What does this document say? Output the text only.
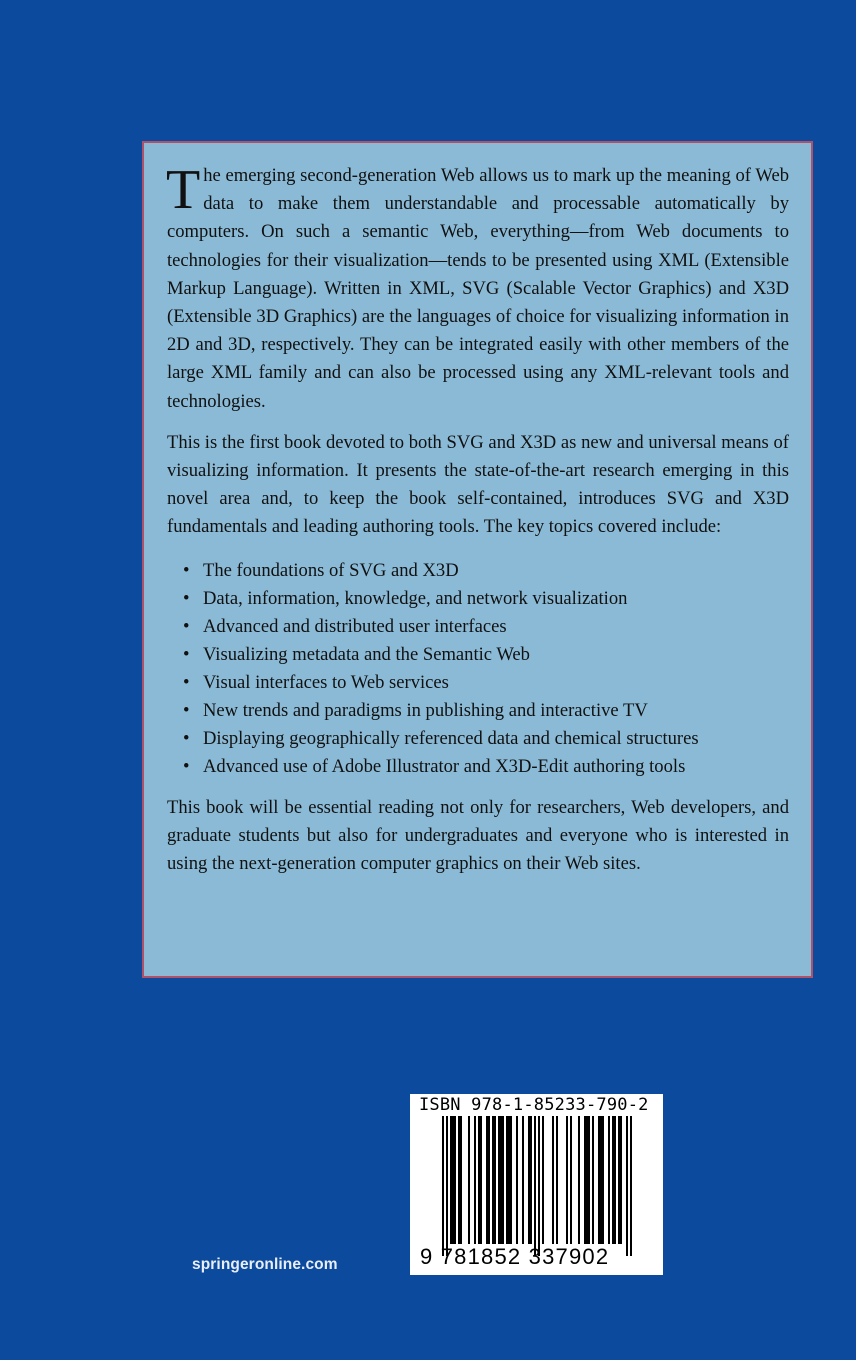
The emerging second-generation Web allows us to mark up the meaning of Web data to make them understandable and processable automatically by computers. On such a semantic Web, everything—from Web documents to technologies for their visualization—tends to be presented using XML (Extensible Markup Language). Written in XML, SVG (Scalable Vector Graphics) and X3D (Extensible 3D Graphics) are the languages of choice for visualizing information in 2D and 3D, respectively. They can be integrated easily with other members of the large XML family and can also be processed using any XML-relevant tools and technologies.

This is the first book devoted to both SVG and X3D as new and universal means of visualizing information. It presents the state-of-the-art research emerging in this novel area and, to keep the book self-contained, introduces SVG and X3D fundamentals and leading authoring tools. The key topics covered include:

• The foundations of SVG and X3D
• Data, information, knowledge, and network visualization
• Advanced and distributed user interfaces
• Visualizing metadata and the Semantic Web
• Visual interfaces to Web services
• New trends and paradigms in publishing and interactive TV
• Displaying geographically referenced data and chemical structures
• Advanced use of Adobe Illustrator and X3D-Edit authoring tools

This book will be essential reading not only for researchers, Web developers, and graduate students but also for undergraduates and everyone who is interested in using the next-generation computer graphics on their Web sites.

ISBN 978-1-85233-790-2
9 781852 337902
springeronline.com
